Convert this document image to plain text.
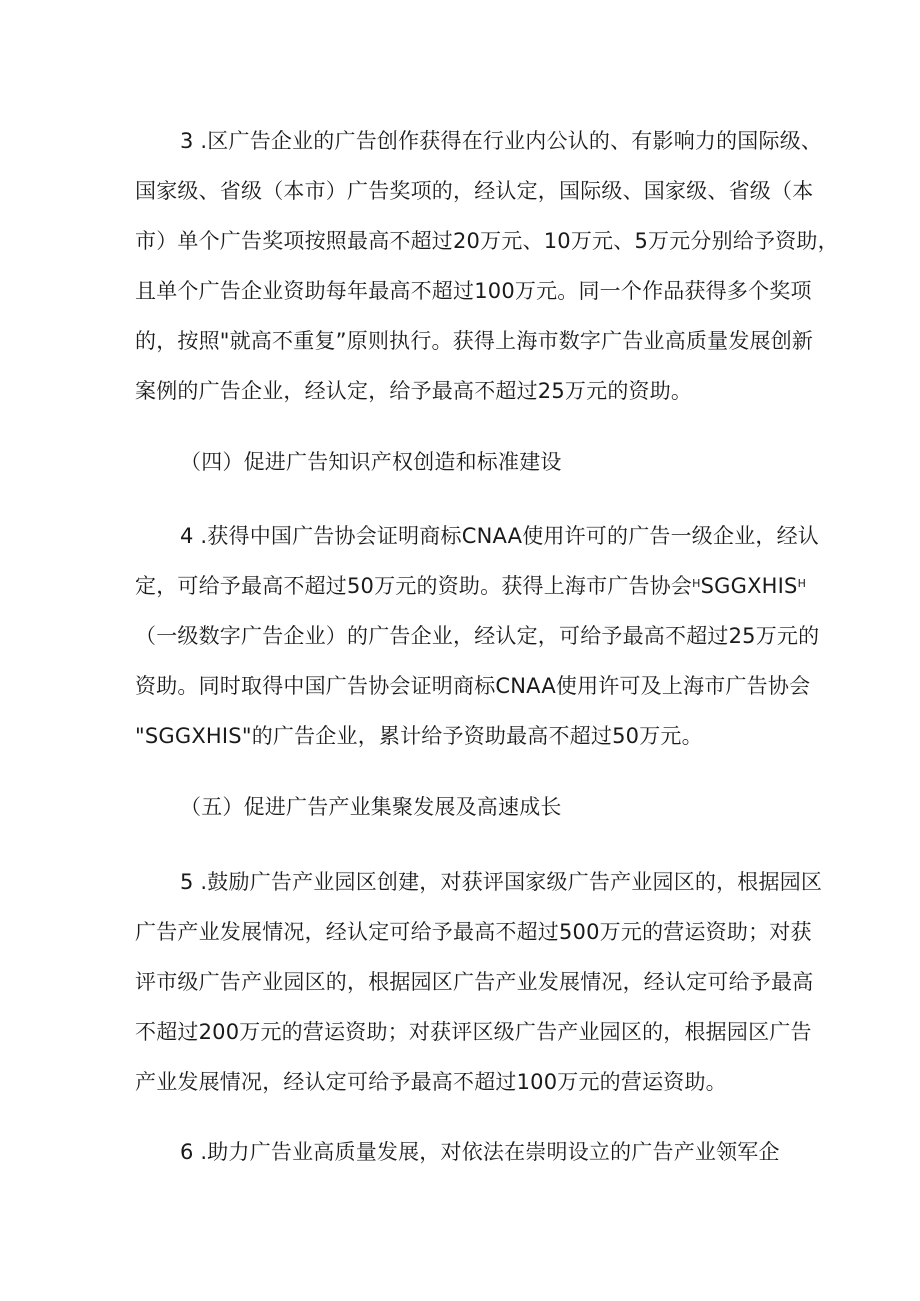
3 .区广告企业的广告创作获得在行业内公认的、有影响力的国际级、
国家级、省级（本市）广告奖项的，经认定，国际级、国家级、省级（本
市）单个广告奖项按照最高不超过20万元、10万元、5万元分别给予资助，
且单个广告企业资助每年最高不超过100万元。同一个作品获得多个奖项
的，按照"就高不重复”原则执行。获得上海市数字广告业高质量发展创新
案例的广告企业，经认定，给予最高不超过25万元的资助。
（四）促进广告知识产权创造和标准建设
4 .获得中国广告协会证明商标CNAA使用许可的广告一级企业，经认
定，可给予最高不超过50万元的资助。获得上海市广告协会$^HSGGXHIS^H$
（一级数字广告企业）的广告企业，经认定，可给予最高不超过25万元的
资助。同时取得中国广告协会证明商标CNAA使用许可及上海市广告协会
"SGGXHIS"的广告企业，累计给予资助最高不超过50万元。
（五）促进广告产业集聚发展及高速成长
5 .鼓励广告产业园区创建，对获评国家级广告产业园区的，根据园区
广告产业发展情况，经认定可给予最高不超过500万元的营运资助；对获
评市级广告产业园区的，根据园区广告产业发展情况，经认定可给予最高
不超过200万元的营运资助；对获评区级广告产业园区的，根据园区广告
产业发展情况，经认定可给予最高不超过100万元的营运资助。
6 .助力广告业高质量发展，对依法在崇明设立的广告产业领军企
